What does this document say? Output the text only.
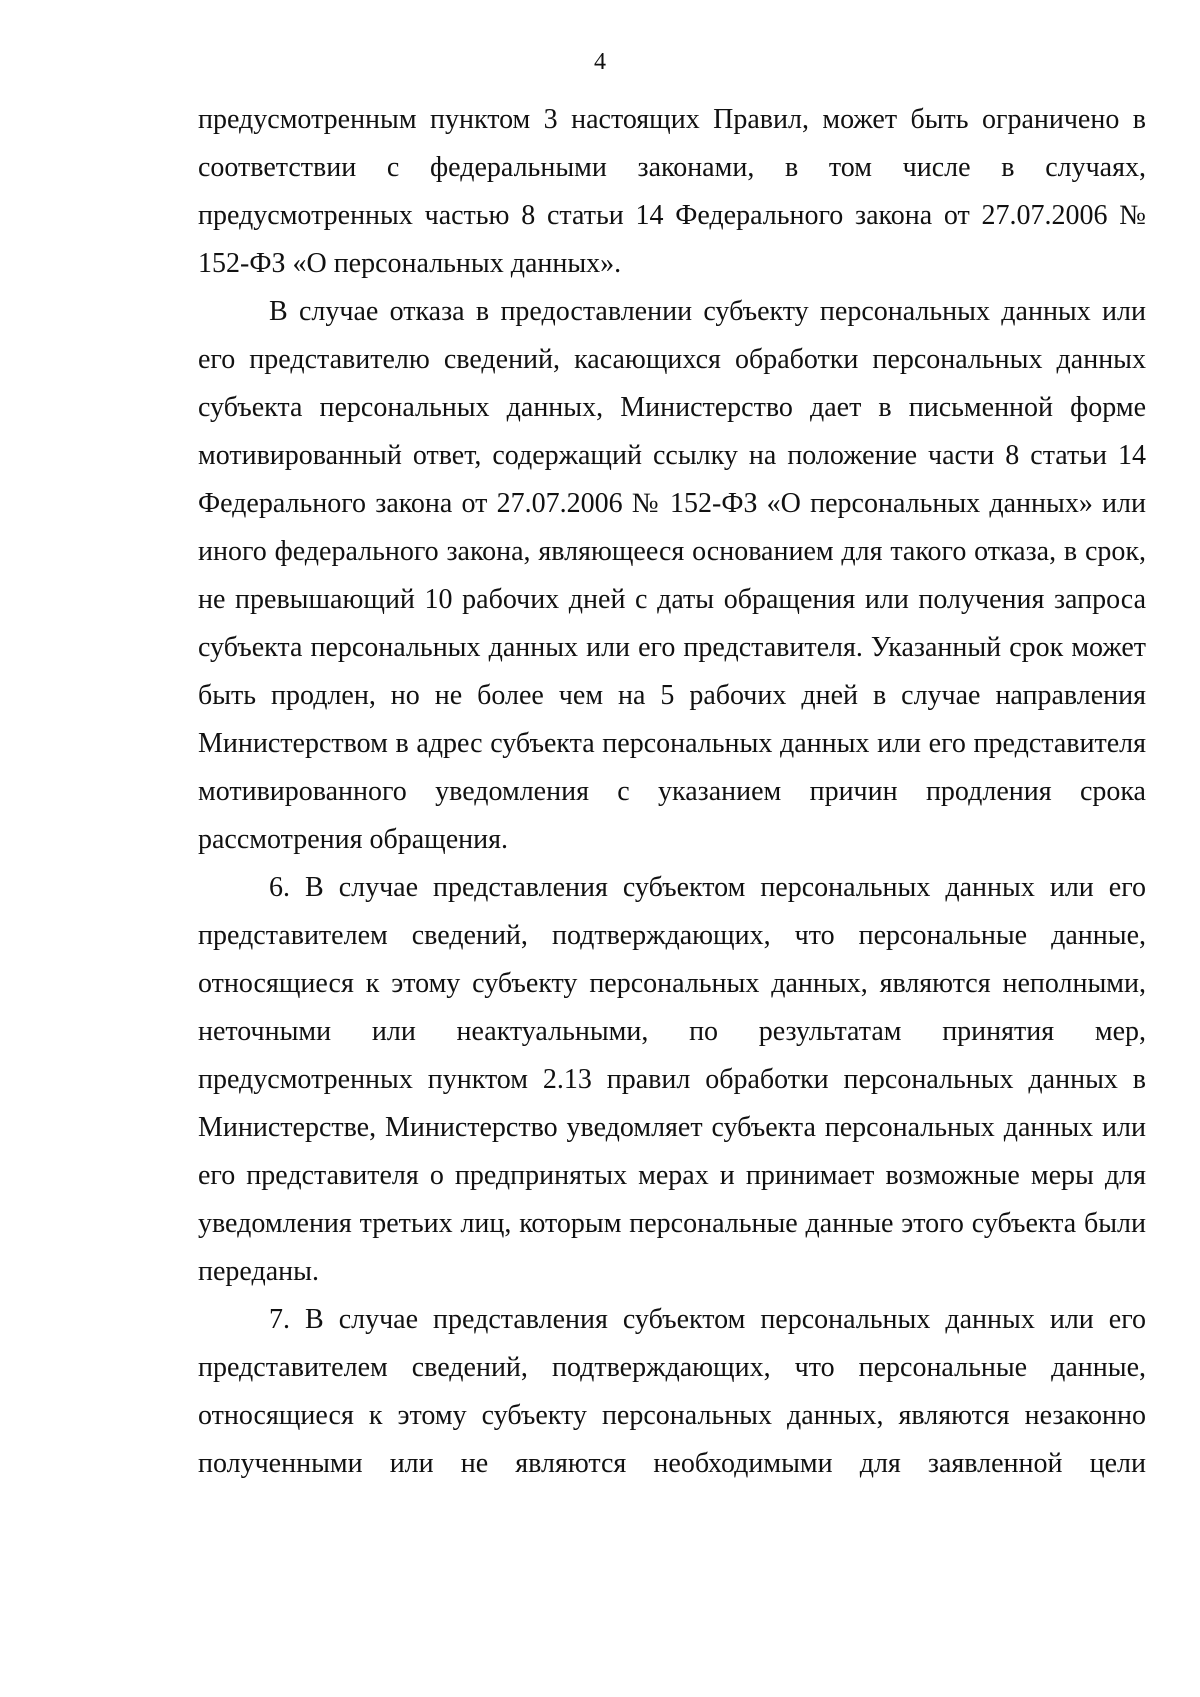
4

предусмотренным пунктом 3 настоящих Правил, может быть ограничено в соответствии с федеральными законами, в том числе в случаях, предусмотренных частью 8 статьи 14 Федерального закона от 27.07.2006 № 152-ФЗ «О персональных данных».

В случае отказа в предоставлении субъекту персональных данных или его представителю сведений, касающихся обработки персональных данных субъекта персональных данных, Министерство дает в письменной форме мотивированный ответ, содержащий ссылку на положение части 8 статьи 14 Федерального закона от 27.07.2006 № 152-ФЗ «О персональных данных» или иного федерального закона, являющееся основанием для такого отказа, в срок, не превышающий 10 рабочих дней с даты обращения или получения запроса субъекта персональных данных или его представителя. Указанный срок может быть продлен, но не более чем на 5 рабочих дней в случае направления Министерством в адрес субъекта персональных данных или его представителя мотивированного уведомления с указанием причин продления срока рассмотрения обращения.

6. В случае представления субъектом персональных данных или его представителем сведений, подтверждающих, что персональные данные, относящиеся к этому субъекту персональных данных, являются неполными, неточными или неактуальными, по результатам принятия мер, предусмотренных пунктом 2.13 правил обработки персональных данных в Министерстве, Министерство уведомляет субъекта персональных данных или его представителя о предпринятых мерах и принимает возможные меры для уведомления третьих лиц, которым персональные данные этого субъекта были переданы.

7. В случае представления субъектом персональных данных или его представителем сведений, подтверждающих, что персональные данные, относящиеся к этому субъекту персональных данных, являются незаконно полученными или не являются необходимыми для заявленной цели
